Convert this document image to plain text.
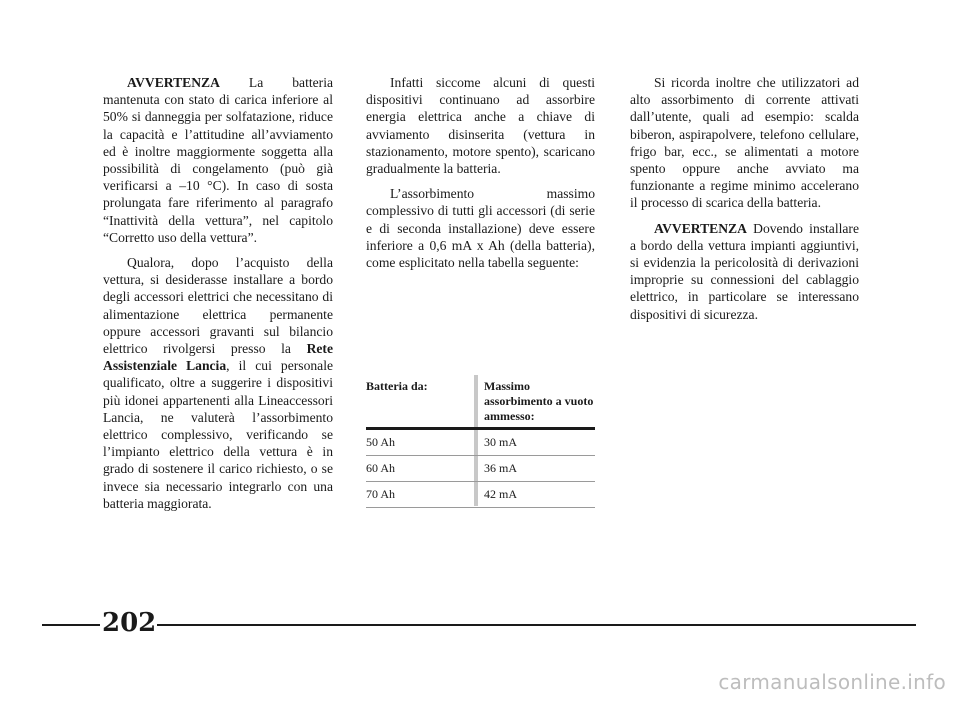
AVVERTENZA La batteria mantenuta con stato di carica inferiore al 50% si danneggia per solfatazione, riduce la capacità e l’attitudine all’avviamento ed è inoltre maggiormente soggetta alla possibilità di congelamento (può già verificarsi a –10 °C). In caso di sosta prolungata fare riferimento al paragrafo “Inattività della vettura”, nel capitolo “Corretto uso della vettura”.

Qualora, dopo l’acquisto della vettura, si desiderasse installare a bordo degli accessori elettrici che necessitano di alimentazione elettrica permanente oppure accessori gravanti sul bilancio elettrico rivolgersi presso la Rete Assistenziale Lancia, il cui personale qualificato, oltre a suggerire i dispositivi più idonei appartenenti alla Lineaccessori Lancia, ne valuterà l’assorbimento elettrico complessivo, verificando se l’impianto elettrico della vettura è in grado di sostenere il carico richiesto, o se invece sia necessario integrarlo con una batteria maggiorata.

Infatti siccome alcuni di questi dispositivi continuano ad assorbire energia elettrica anche a chiave di avviamento disinserita (vettura in stazionamento, motore spento), scaricano gradualmente la batteria.

L’assorbimento massimo complessivo di tutti gli accessori (di serie e di seconda installazione) deve essere inferiore a 0,6 mA x Ah (della batteria), come esplicitato nella tabella seguente:

Batteria da:	Massimo assorbimento a vuoto ammesso:
50 Ah	30 mA
60 Ah	36 mA
70 Ah	42 mA

Si ricorda inoltre che utilizzatori ad alto assorbimento di corrente attivati dall’utente, quali ad esempio: scalda biberon, aspirapolvere, telefono cellulare, frigo bar, ecc., se alimentati a motore spento oppure anche avviato ma funzionante a regime minimo accelerano il processo di scarica della batteria.

AVVERTENZA Dovendo installare a bordo della vettura impianti aggiuntivi, si evidenzia la pericolosità di derivazioni improprie su connessioni del cablaggio elettrico, in particolare se interessano dispositivi di sicurezza.

202
carmanualsonline.info
